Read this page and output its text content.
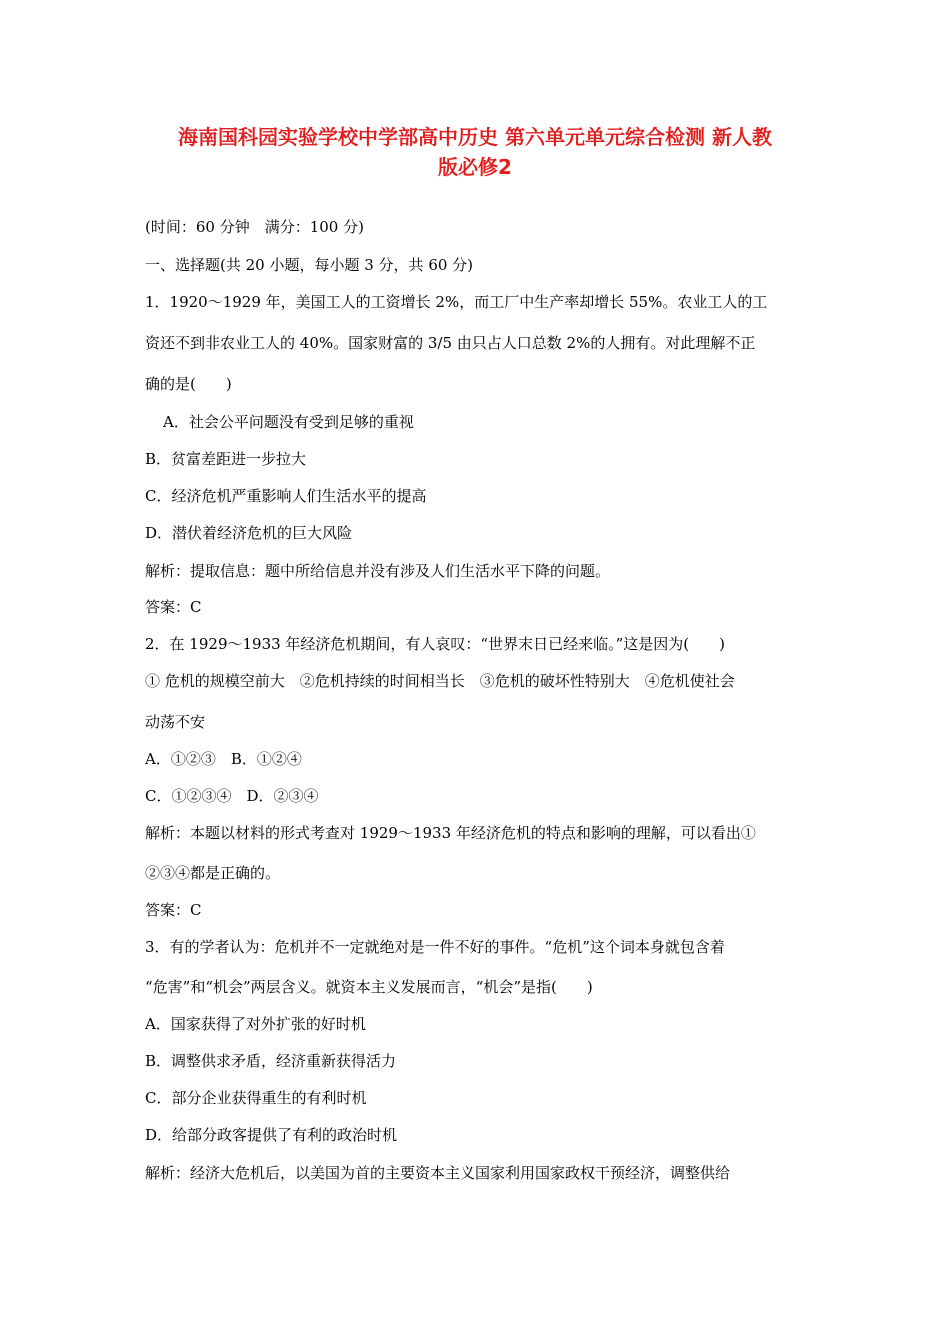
海南国科园实验学校中学部高中历史 第六单元单元综合检测 新人教
版必修2
(时间：60 分钟　满分：100 分)
一、选择题(共 20 小题，每小题 3 分，共 60 分)
1．1920～1929 年，美国工人的工资增长 2%，而工厂中生产率却增长 55%。农业工人的工
资还不到非农业工人的 40%。国家财富的 3/5 由只占人口总数 2%的人拥有。对此理解不正
确的是(　　)
A．社会公平问题没有受到足够的重视
B．贫富差距进一步拉大
C．经济危机严重影响人们生活水平的提高
D．潜伏着经济危机的巨大风险
解析：提取信息：题中所给信息并没有涉及人们生活水平下降的问题。
答案：C
2．在 1929～1933 年经济危机期间，有人哀叹：“世界末日已经来临。”这是因为(　　)
① 危机的规模空前大　②危机持续的时间相当长　③危机的破坏性特别大　④危机使社会
动荡不安
A．①②③　B．①②④
C．①②③④　D．②③④
解析：本题以材料的形式考查对 1929～1933 年经济危机的特点和影响的理解，可以看出①
②③④都是正确的。
答案：C
3．有的学者认为：危机并不一定就绝对是一件不好的事件。“危机”这个词本身就包含着
“危害”和“机会”两层含义。就资本主义发展而言，“机会”是指(　　)
A．国家获得了对外扩张的好时机
B．调整供求矛盾，经济重新获得活力
C．部分企业获得重生的有利时机
D．给部分政客提供了有利的政治时机
解析：经济大危机后，以美国为首的主要资本主义国家利用国家政权干预经济，调整供给
